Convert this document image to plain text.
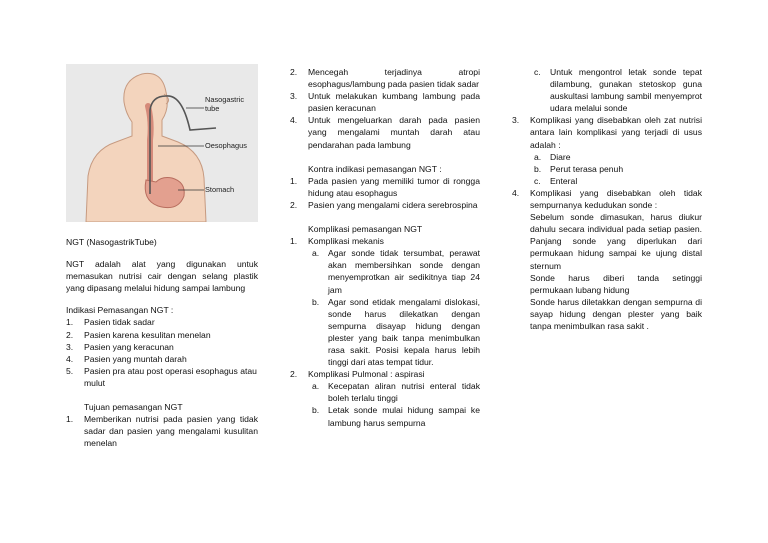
Nasogastric tube
Oesophagus
Stomach

NGT (NasogastrikTube)

NGT adalah alat yang digunakan untuk memasukan nutrisi cair dengan selang plastik yang dipasang melalui hidung sampai lambung

Indikasi Pemasangan NGT :

1.	Pasien tidak sadar
2.	Pasien karena kesulitan menelan
3.	Pasien yang keracunan
4.	Pasien yang muntah darah
5.	Pasien pra atau post operasi esophagus atau mulut

Tujuan pemasangan NGT

1.	Memberikan nutrisi pada pasien yang tidak sadar dan pasien yang mengalami kusulitan menelan
2.	Mencegah terjadinya atropi esophagus/lambung pada pasien tidak sadar
3.	Untuk melakukan kumbang lambung pada pasien keracunan
4.	Untuk mengeluarkan darah pada pasien yang mengalami muntah darah atau pendarahan pada lambung

Kontra indikasi pemasangan NGT :

1.	Pada pasien yang memiliki tumor di rongga hidung atau esophagus
2.	Pasien yang mengalami cidera serebrospina

Komplikasi pemasangan NGT

1.	Komplikasi mekanis
a.	Agar sonde tidak tersumbat, perawat akan membersihkan sonde dengan menyemprotkan air sedikitnya tiap 24 jam
b.	Agar sond etidak mengalami dislokasi, sonde harus dilekatkan dengan sempurna disayap hidung dengan plester yang baik tanpa menimbulkan rasa sakit. Posisi kepala harus lebih tinggi dari atas tempat tidur.
2.	Komplikasi Pulmonal : aspirasi
a.	Kecepatan aliran nutrisi enteral tidak boleh terlalu tinggi
b.	Letak sonde mulai hidung sampai ke lambung harus sempurna
c.	Untuk mengontrol letak sonde tepat dilambung, gunakan stetoskop guna auskultasi lambung sambil menyemprot udara melalui sonde
3.	Komplikasi yang disebabkan oleh zat nutrisi antara lain komplikasi yang terjadi di usus adalah :
a.	Diare
b.	Perut terasa penuh
c.	Enteral
4.	Komplikasi yang disebabkan oleh tidak sempurnanya kedudukan sonde :
Sebelum sonde dimasukan, harus diukur dahulu secara individual pada setiap pasien. Panjang sonde yang diperlukan dari permukaan hidung sampai ke ujung distal sternum
Sonde harus diberi tanda setinggi permukaan lubang hidung
Sonde harus diletakkan dengan sempurna di sayap hidung dengan plester yang baik tanpa menimbulkan rasa sakit .
